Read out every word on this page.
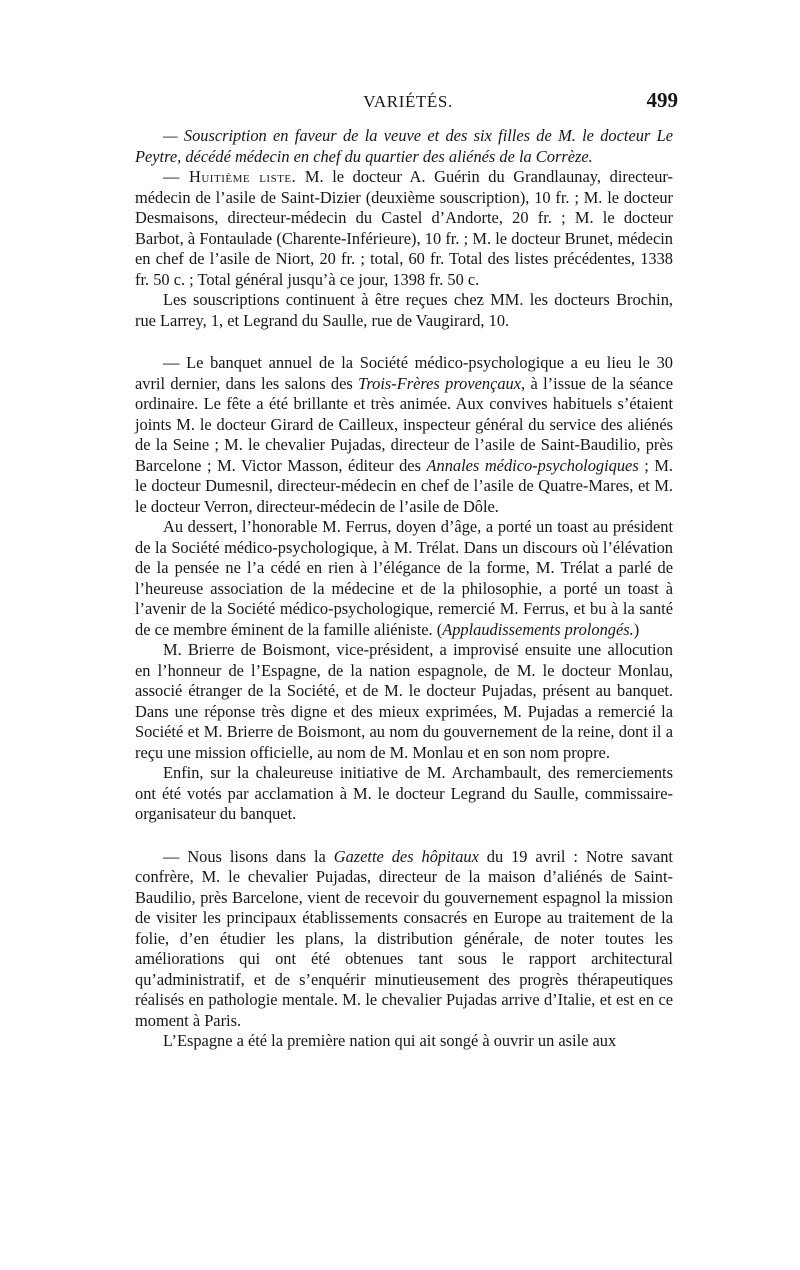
VARIÉTÉS.	499

— Souscription en faveur de la veuve et des six filles de M. le docteur Le Peytre, décédé médecin en chef du quartier des aliénés de la Corrèze.

— Huitième liste. M. le docteur A. Guérin du Grandlaunay, directeur-médecin de l’asile de Saint-Dizier (deuxième souscription), 10 fr. ; M. le docteur Desmaisons, directeur-médecin du Castel d’Andorte, 20 fr. ; M. le docteur Barbot, à Fontaulade (Charente-Inférieure), 10 fr. ; M. le docteur Brunet, médecin en chef de l’asile de Niort, 20 fr. ; total, 60 fr. Total des listes précédentes, 1338 fr. 50 c. ; Total général jusqu’à ce jour, 1398 fr. 50 c.

Les souscriptions continuent à être reçues chez MM. les docteurs Brochin, rue Larrey, 1, et Legrand du Saulle, rue de Vaugirard, 10.

— Le banquet annuel de la Société médico-psychologique a eu lieu le 30 avril dernier, dans les salons des Trois-Frères provençaux, à l’issue de la séance ordinaire. Le fête a été brillante et très animée. Aux convives habituels s’étaient joints M. le docteur Girard de Cailleux, inspecteur général du service des aliénés de la Seine ; M. le chevalier Pujadas, directeur de l’asile de Saint-Baudilio, près Barcelone ; M. Victor Masson, éditeur des Annales médico-psychologiques ; M. le docteur Dumesnil, directeur-médecin en chef de l’asile de Quatre-Mares, et M. le docteur Verron, directeur-médecin de l’asile de Dôle.

Au dessert, l’honorable M. Ferrus, doyen d’âge, a porté un toast au président de la Société médico-psychologique, à M. Trélat. Dans un discours où l’élévation de la pensée ne l’a cédé en rien à l’élégance de la forme, M. Trélat a parlé de l’heureuse association de la médecine et de la philosophie, a porté un toast à l’avenir de la Société médico-psychologique, remercié M. Ferrus, et bu à la santé de ce membre éminent de la famille aliéniste. (Applaudissements prolongés.)

M. Brierre de Boismont, vice-président, a improvisé ensuite une allocution en l’honneur de l’Espagne, de la nation espagnole, de M. le docteur Monlau, associé étranger de la Société, et de M. le docteur Pujadas, présent au banquet. Dans une réponse très digne et des mieux exprimées, M. Pujadas a remercié la Société et M. Brierre de Boismont, au nom du gouvernement de la reine, dont il a reçu une mission officielle, au nom de M. Monlau et en son nom propre.

Enfin, sur la chaleureuse initiative de M. Archambault, des remerciements ont été votés par acclamation à M. le docteur Legrand du Saulle, commissaire-organisateur du banquet.

— Nous lisons dans la Gazette des hôpitaux du 19 avril : Notre savant confrère, M. le chevalier Pujadas, directeur de la maison d’aliénés de Saint-Baudilio, près Barcelone, vient de recevoir du gouvernement espagnol la mission de visiter les principaux établissements consacrés en Europe au traitement de la folie, d’en étudier les plans, la distribution générale, de noter toutes les améliorations qui ont été obtenues tant sous le rapport architectural qu’administratif, et de s’enquérir minutieusement des progrès thérapeutiques réalisés en pathologie mentale. M. le chevalier Pujadas arrive d’Italie, et est en ce moment à Paris.

L’Espagne a été la première nation qui ait songé à ouvrir un asile aux
